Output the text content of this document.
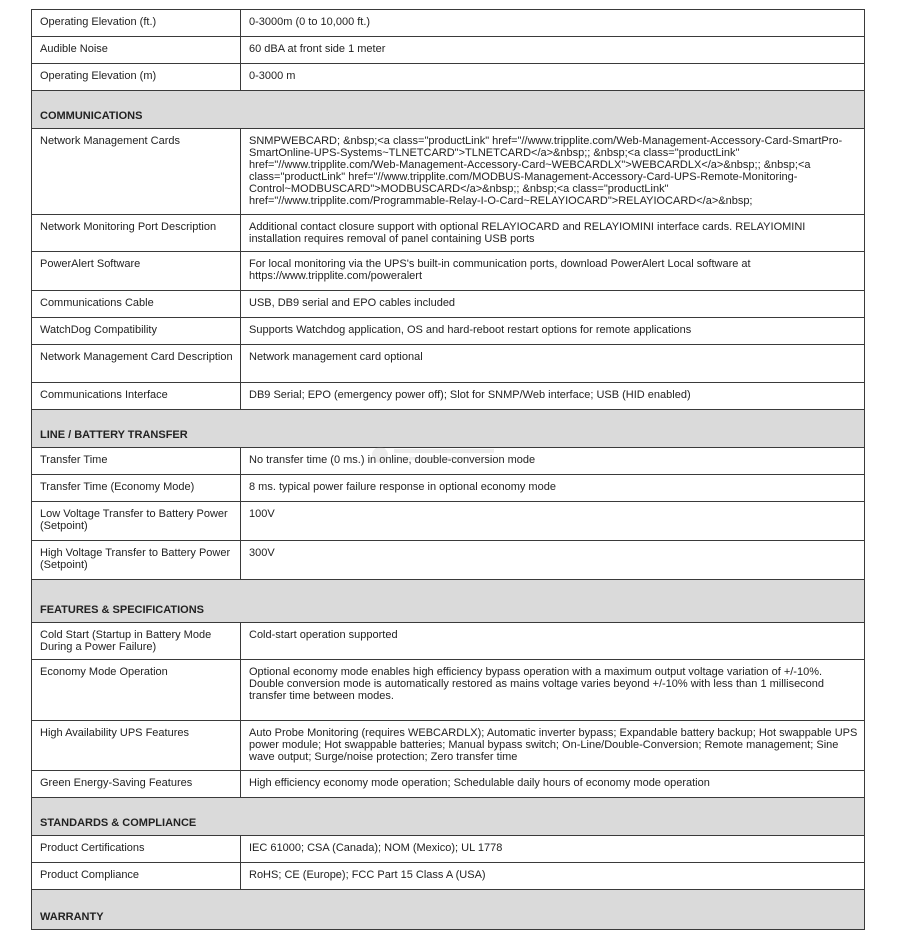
Operating Elevation (ft.)	0-3000m (0 to 10,000 ft.)
Audible Noise	60 dBA at front side 1 meter
Operating Elevation (m)	0-3000 m
COMMUNICATIONS	
Network Management Cards	SNMPWEBCARD; &nbsp;<a class="productLink" href="//www.tripplite.com/Web-Management-Accessory-Card-SmartPro-SmartOnline-UPS-Systems~TLNETCARD">TLNETCARD</a>&nbsp;; &nbsp;<a class="productLink" href="//www.tripplite.com/Web-Management-Accessory-Card~WEBCARDLX">WEBCARDLX</a>&nbsp;; &nbsp;<a class="productLink" href="//www.tripplite.com/MODBUS-Management-Accessory-Card-UPS-Remote-Monitoring-Control~MODBUSCARD">MODBUSCARD</a>&nbsp;; &nbsp;<a class="productLink" href="//www.tripplite.com/Programmable-Relay-I-O-Card~RELAYIOCARD">RELAYIOCARD</a>&nbsp;
Network Monitoring Port Description	Additional contact closure support with optional RELAYIOCARD and RELAYIOMINI interface cards. RELAYIOMINI installation requires removal of panel containing USB ports
PowerAlert Software	For local monitoring via the UPS's built-in communication ports, download PowerAlert Local software at https://www.tripplite.com/poweralert
Communications Cable	USB, DB9 serial and EPO cables included
WatchDog Compatibility	Supports Watchdog application, OS and hard-reboot restart options for remote applications
Network Management Card Description	Network management card optional
Communications Interface	DB9 Serial; EPO (emergency power off); Slot for SNMP/Web interface; USB (HID enabled)
LINE / BATTERY TRANSFER	
Transfer Time	No transfer time (0 ms.) in online, double-conversion mode
Transfer Time (Economy Mode)	8 ms. typical power failure response in optional economy mode
Low Voltage Transfer to Battery Power (Setpoint)	100V
High Voltage Transfer to Battery Power (Setpoint)	300V
FEATURES & SPECIFICATIONS	
Cold Start (Startup in Battery Mode During a Power Failure)	Cold-start operation supported
Economy Mode Operation	Optional economy mode enables high efficiency bypass operation with a maximum output voltage variation of +/-10%. Double conversion mode is automatically restored as mains voltage varies beyond +/-10% with less than 1 millisecond transfer time between modes.
High Availability UPS Features	Auto Probe Monitoring (requires WEBCARDLX); Automatic inverter bypass; Expandable battery backup; Hot swappable UPS power module; Hot swappable batteries; Manual bypass switch; On-Line/Double-Conversion; Remote management; Sine wave output; Surge/noise protection; Zero transfer time
Green Energy-Saving Features	High efficiency economy mode operation; Schedulable daily hours of economy mode operation
STANDARDS & COMPLIANCE	
Product Certifications	IEC 61000; CSA (Canada); NOM (Mexico); UL 1778
Product Compliance	RoHS; CE (Europe); FCC Part 15 Class A (USA)
WARRANTY	
